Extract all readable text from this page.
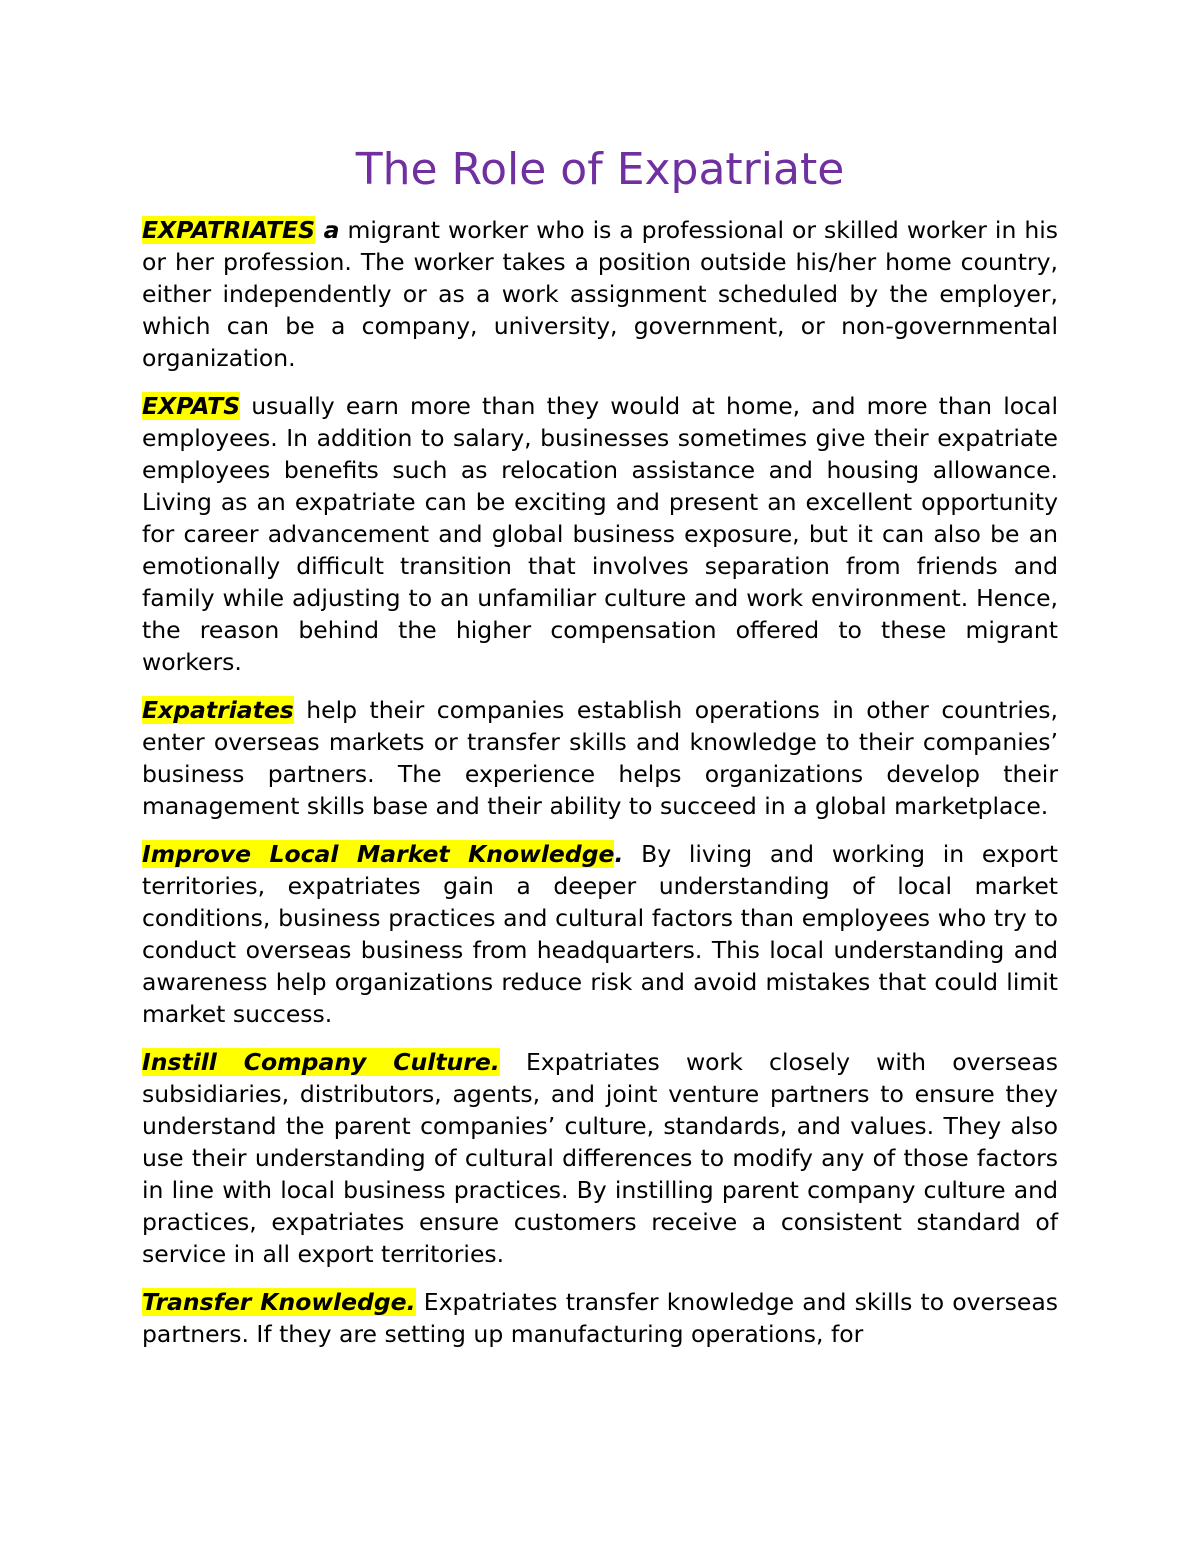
The Role of Expatriate

EXPATRIATES a migrant worker who is a professional or skilled worker in his or her profession. The worker takes a position outside his/her home country, either independently or as a work assignment scheduled by the employer, which can be a company, university, government, or non-governmental organization.

EXPATS usually earn more than they would at home, and more than local employees. In addition to salary, businesses sometimes give their expatriate employees benefits such as relocation assistance and housing allowance. Living as an expatriate can be exciting and present an excellent opportunity for career advancement and global business exposure, but it can also be an emotionally difficult transition that involves separation from friends and family while adjusting to an unfamiliar culture and work environment. Hence, the reason behind the higher compensation offered to these migrant workers.

Expatriates help their companies establish operations in other countries, enter overseas markets or transfer skills and knowledge to their companies’ business partners. The experience helps organizations develop their management skills base and their ability to succeed in a global marketplace.

Improve Local Market Knowledge. By living and working in export territories, expatriates gain a deeper understanding of local market conditions, business practices and cultural factors than employees who try to conduct overseas business from headquarters. This local understanding and awareness help organizations reduce risk and avoid mistakes that could limit market success.

Instill Company Culture. Expatriates work closely with overseas subsidiaries, distributors, agents, and joint venture partners to ensure they understand the parent companies’ culture, standards, and values. They also use their understanding of cultural differences to modify any of those factors in line with local business practices. By instilling parent company culture and practices, expatriates ensure customers receive a consistent standard of service in all export territories.

Transfer Knowledge. Expatriates transfer knowledge and skills to overseas partners. If they are setting up manufacturing operations, for
